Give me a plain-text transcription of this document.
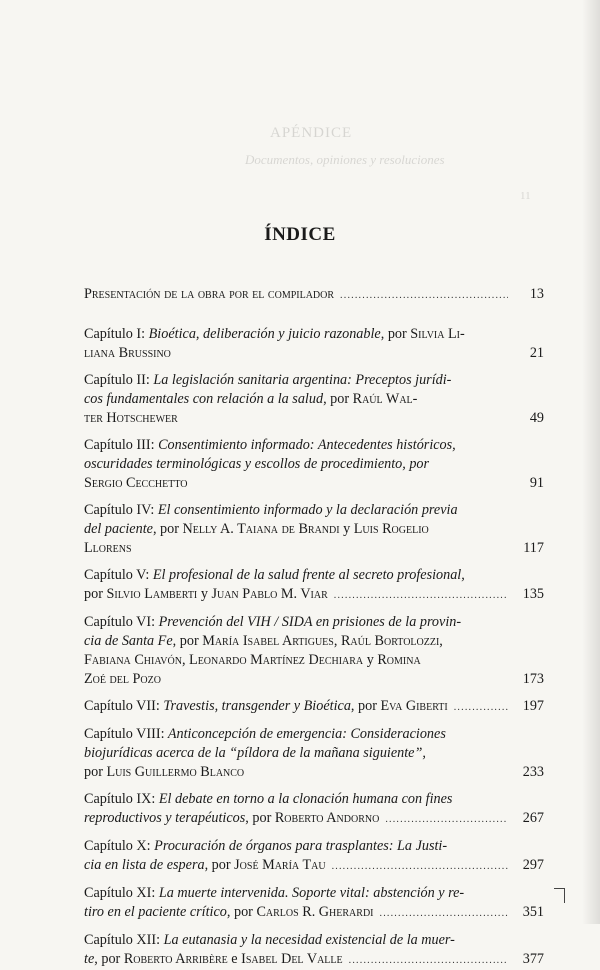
APÉNDICE
Documentos, opiniones y resoluciones
11
ÍNDICE
Presentación de la obra por el compilador .....	13
Capítulo I: Bioética, deliberación y juicio razonable, por Silvia Li-
liana Brussino	21
Capítulo II: La legislación sanitaria argentina: Preceptos jurídi-
cos fundamentales con relación a la salud, por Raúl Wal-
ter Hotschewer	49
Capítulo III: Consentimiento informado: Antecedentes históricos,
oscuridades terminológicas y escollos de procedimiento, por
Sergio Cecchetto	91
Capítulo IV: El consentimiento informado y la declaración previa
del paciente, por Nelly A. Taiana de Brandi y Luis Rogelio
Llorens	117
Capítulo V: El profesional de la salud frente al secreto profesional,
por Silvio Lamberti y Juan Pablo M. Viar .....	135
Capítulo VI: Prevención del VIH / SIDA en prisiones de la provin-
cia de Santa Fe, por María Isabel Artigues, Raúl Bortolozzi,
Fabiana Chiavón, Leonardo Martínez Dechiara y Romina
Zoé del Pozo	173
Capítulo VII: Travestis, transgender y Bioética, por Eva Giberti .....	197
Capítulo VIII: Anticoncepción de emergencia: Consideraciones
biojurídicas acerca de la “píldora de la mañana siguiente”,
por Luis Guillermo Blanco	233
Capítulo IX: El debate en torno a la clonación humana con fines
reproductivos y terapéuticos, por Roberto Andorno .....	267
Capítulo X: Procuración de órganos para trasplantes: La Justi-
cia en lista de espera, por José María Tau .....	297
Capítulo XI: La muerte intervenida. Soporte vital: abstención y re-
tiro en el paciente crítico, por Carlos R. Gherardi .....	351
Capítulo XII: La eutanasia y la necesidad existencial de la muer-
te, por Roberto Arribère e Isabel Del Valle .....	377
